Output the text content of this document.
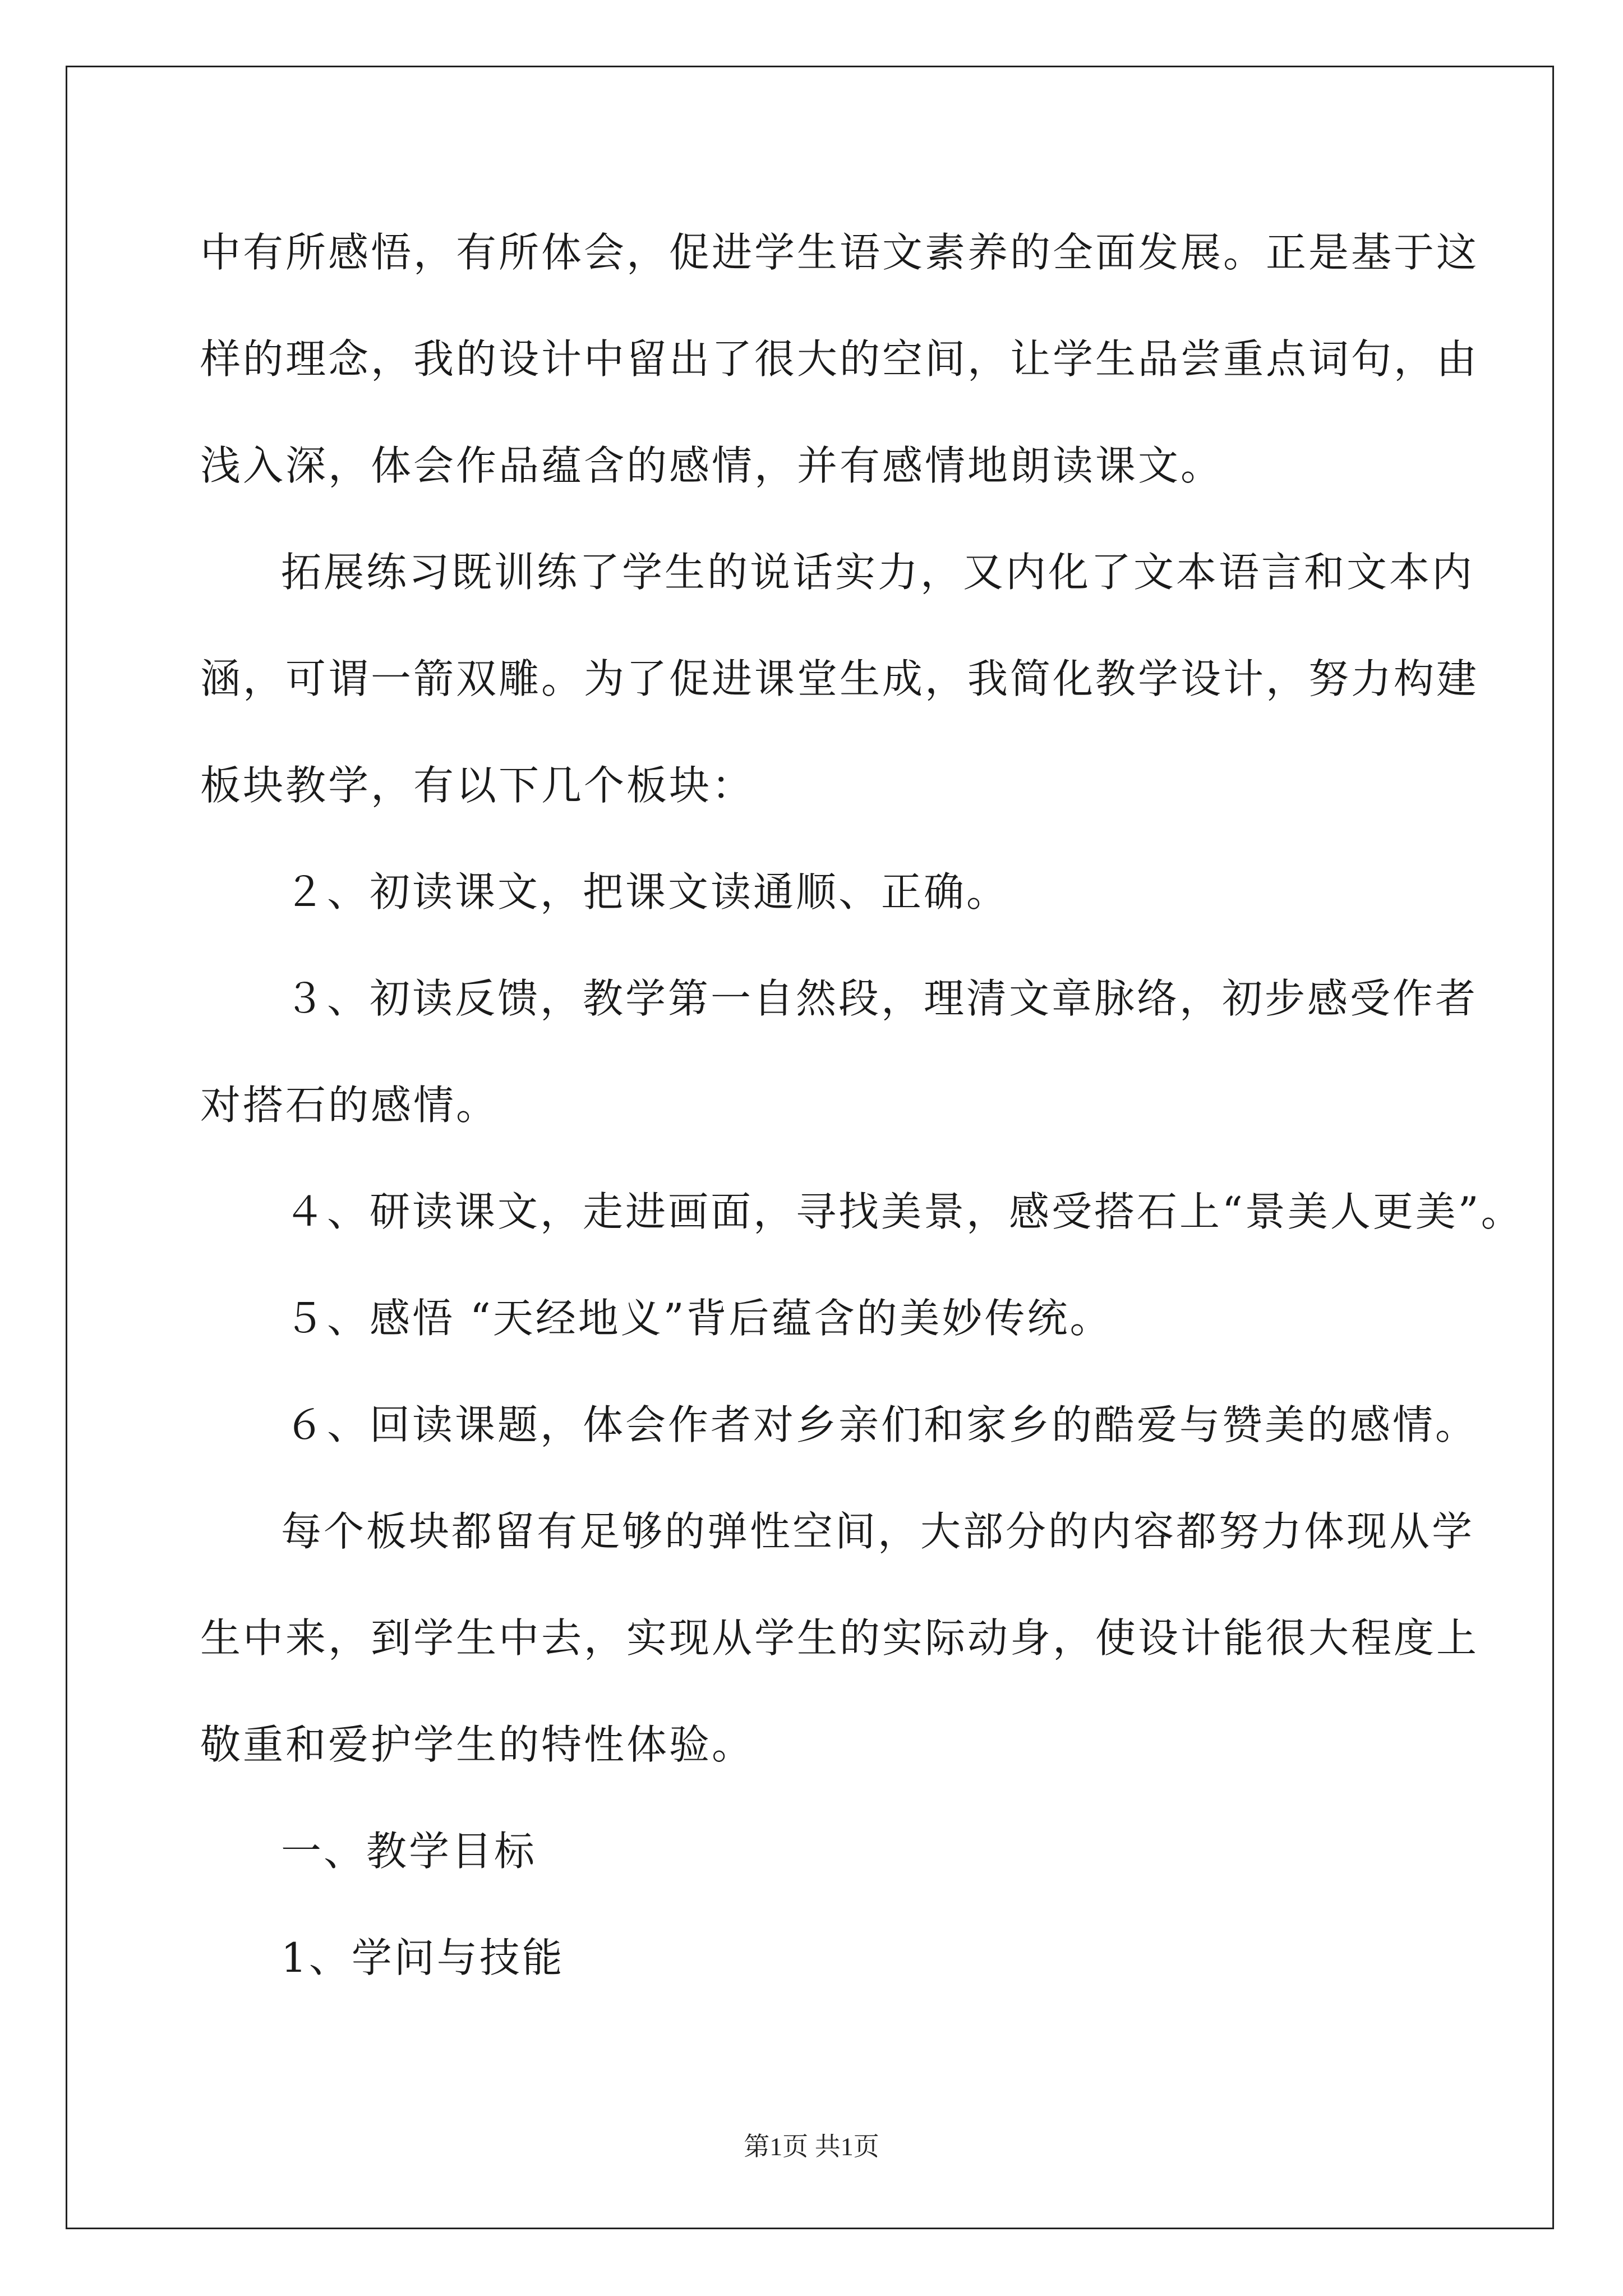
中有所感悟，有所体会，促进学生语文素养的全面发展。正是基于这
样的理念，我的设计中留出了很大的空间，让学生品尝重点词句，由
浅入深，体会作品蕴含的感情，并有感情地朗读课文。
拓展练习既训练了学生的说话实力，又内化了文本语言和文本内
涵，可谓一箭双雕。为了促进课堂生成，我简化教学设计，努力构建
板块教学，有以下几个板块：
２、初读课文，把课文读通顺、正确。
３、初读反馈，教学第一自然段，理清文章脉络，初步感受作者
对搭石的感情。
４、研读课文，走进画面，寻找美景，感受搭石上“景美人更美”。
５、感悟 “天经地义”背后蕴含的美妙传统。
６、回读课题，体会作者对乡亲们和家乡的酷爱与赞美的感情。
每个板块都留有足够的弹性空间，大部分的内容都努力体现从学
生中来，到学生中去，实现从学生的实际动身，使设计能很大程度上
敬重和爱护学生的特性体验。
一、教学目标
1、学问与技能
第1页 共1页
